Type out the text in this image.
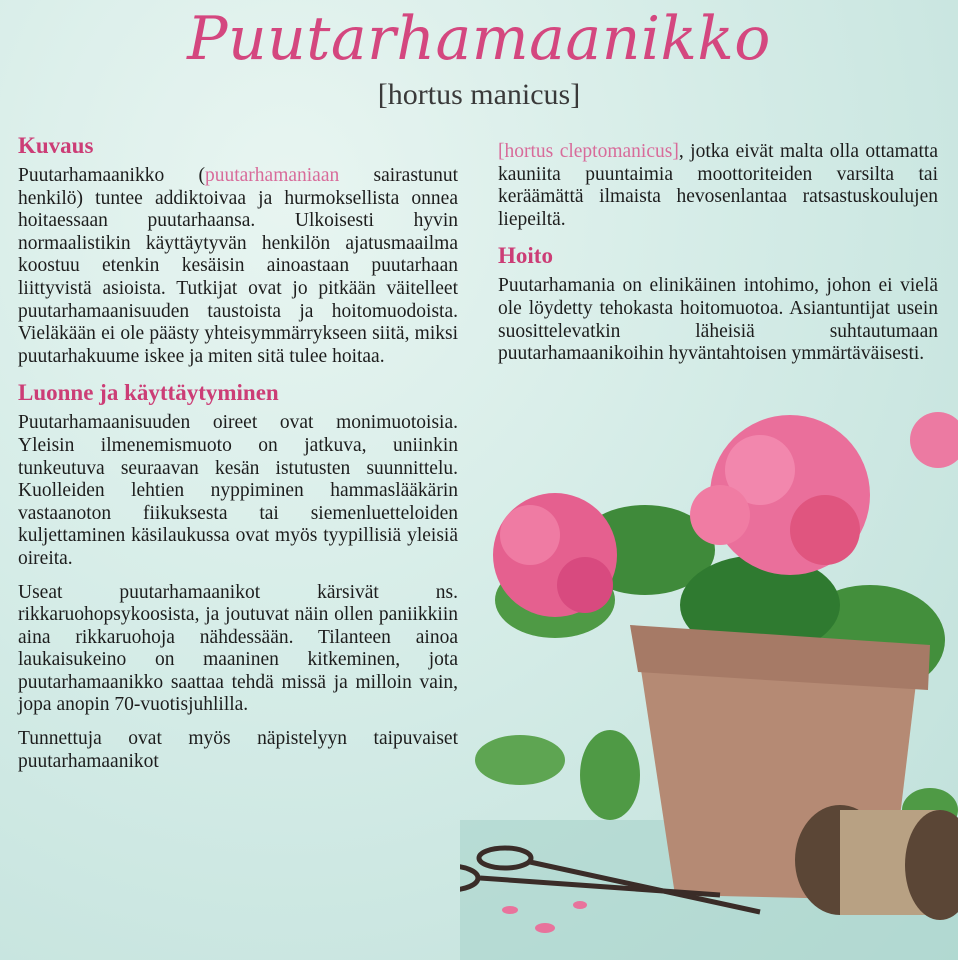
Puutarhamaanikko
[hortus manicus]
Kuvaus

Puutarhamaanikko (puutarhamaniaan sairastunut henkilö) tuntee addiktoivaa ja hurmoksellista onnea hoitaessaan puutarhaansa. Ulkoisesti hyvin normaalistikin käyttäytyvän henkilön ajatusmaailma koostuu etenkin kesäisin ainoastaan puutarhaan liittyvistä asioista. Tutkijat ovat jo pitkään väitelleet puutarhamaanisuuden taustoista ja hoitomuodoista. Vieläkään ei ole päästy yhteisymmärrykseen siitä, miksi puutarhakuume iskee ja miten sitä tulee hoitaa.

Luonne ja käyttäytyminen

Puutarhamaanisuuden oireet ovat monimuotoisia. Yleisin ilmenemismuoto on jatkuva, uniinkin tunkeutuva seuraavan kesän istutusten suunnittelu. Kuolleiden lehtien nyppiminen hammaslääkärin vastaanoton fiikuksesta tai siemenluetteloiden kuljettaminen käsilaukussa ovat myös tyypillisiä yleisiä oireita.

Useat puutarhamaanikot kärsivät ns. rikkaruohopsykoosista, ja joutuvat näin ollen paniikkiin aina rikkaruohoja nähdessään. Tilanteen ainoa laukaisukeino on maaninen kitkeminen, jota puutarhamaanikko saattaa tehdä missä ja milloin vain, jopa anopin 70-vuotisjuhlilla.

Tunnettuja ovat myös näpistelyyn taipuvaiset puutarhamaanikot

[hortus cleptomanicus], jotka eivät malta olla ottamatta kauniita puuntaimia moottoriteiden varsilta tai keräämättä ilmaista hevosenlantaa ratsastuskoulujen liepeiltä.

Hoito

Puutarhamania on elinikäinen intohimo, johon ei vielä ole löydetty tehokasta hoitomuotoa. Asiantuntijat usein suosittelevatkin läheisiä suhtautumaan puutarhamaanikoihin hyväntahtoisen ymmärtäväisesti.
